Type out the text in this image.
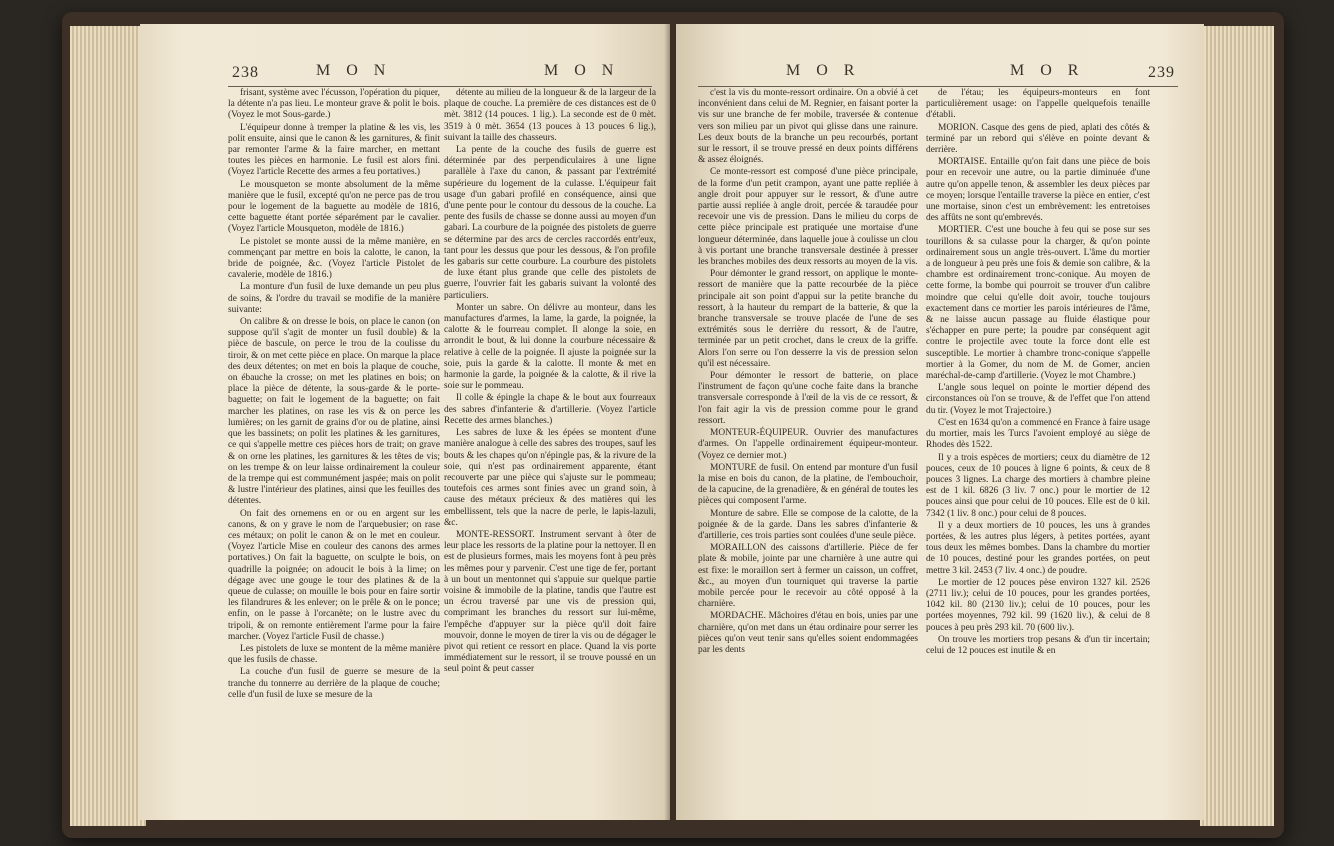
238	M O N	M O N

frisant, système avec l'écusson, l'opération du piquer, la détente n'a pas lieu. Le monteur grave & polit le bois. (Voyez le mot Sous-garde.)

L'équipeur donne à tremper la platine & les vis, les polit ensuite, ainsi que le canon & les garnitures, & finit par remonter l'arme & la faire marcher, en mettant toutes les pièces en harmonie. Le fusil est alors fini. (Voyez l'article Recette des armes a feu portatives.)

Le mousqueton se monte absolument de la même manière que le fusil, excepté qu'on ne perce pas de trou pour le logement de la baguette au modèle de 1816, cette baguette étant portée séparément par le cavalier. (Voyez l'article Mousqueton, modèle de 1816.)

Le pistolet se monte aussi de la même manière, en commençant par mettre en bois la calotte, le canon, la bride de poignée, &c. (Voyez l'article Pistolet de cavalerie, modèle de 1816.)

La monture d'un fusil de luxe demande un peu plus de soins, & l'ordre du travail se modifie de la manière suivante:

On calibre & on dresse le bois, on place le canon (on suppose qu'il s'agit de monter un fusil double) & la pièce de bascule, on perce le trou de la coulisse du tiroir, & on met cette pièce en place. On marque la place des deux détentes; on met en bois la plaque de couche, on ébauche la crosse; on met les platines en bois; on place la pièce de détente, la sous-garde & le porte-baguette; on fait le logement de la baguette; on fait marcher les platines, on rase les vis & on perce les lumières; on les garnit de grains d'or ou de platine, ainsi que les bassinets; on polit les platines & les garnitures, ce qui s'appelle mettre ces pièces hors de trait; on grave & on orne les platines, les garnitures & les têtes de vis; on les trempe & on leur laisse ordinairement la couleur de la trempe qui est communément jaspée; mais on polit & lustre l'intérieur des platines, ainsi que les feuilles des détentes.

On fait des ornemens en or ou en argent sur les canons, & on y grave le nom de l'arquebusier; on rase ces métaux; on polit le canon & on le met en couleur. (Voyez l'article Mise en couleur des canons des armes portatives.) On fait la baguette, on sculpte le bois, on quadrille la poignée; on adoucit le bois à la lime; on dégage avec une gouge le tour des platines & de la queue de culasse; on mouille le bois pour en faire sortir les filandrures & les enlever; on le prêle & on le ponce; enfin, on le passe à l'orcanète; on le lustre avec du tripoli, & on remonte entièrement l'arme pour la faire marcher. (Voyez l'article Fusil de chasse.)

Les pistolets de luxe se montent de la même manière que les fusils de chasse.

La couche d'un fusil de guerre se mesure de la tranche du tonnerre au derrière de la plaque de couche; celle d'un fusil de luxe se mesure de la

détente au milieu de la longueur & de la largeur de la plaque de couche. La première de ces distances est de 0 mèt. 3812 (14 pouces. 1 lig.). La seconde est de 0 mèt. 3519 à 0 mèt. 3654 (13 pouces à 13 pouces 6 lig.), suivant la taille des chasseurs.

La pente de la couche des fusils de guerre est déterminée par des perpendiculaires à une ligne parallèle à l'axe du canon, & passant par l'extrémité supérieure du logement de la culasse. L'équipeur fait usage d'un gabari profilé en conséquence, ainsi que d'une pente pour le contour du dessous de la couche. La pente des fusils de chasse se donne aussi au moyen d'un gabari. La courbure de la poignée des pistolets de guerre se détermine par des arcs de cercles raccordés entr'eux, tant pour les dessus que pour les dessous, & l'on profile les gabaris sur cette courbure. La courbure des pistolets de luxe étant plus grande que celle des pistolets de guerre, l'ouvrier fait les gabaris suivant la volonté des particuliers.

Monter un sabre. On délivre au monteur, dans les manufactures d'armes, la lame, la garde, la poignée, la calotte & le fourreau complet. Il alonge la soie, en arrondit le bout, & lui donne la courbure nécessaire & relative à celle de la poignée. Il ajuste la poignée sur la soie, puis la garde & la calotte. Il monte & met en harmonie la garde, la poignée & la calotte, & il rive la soie sur le pommeau.

Il colle & épingle la chape & le bout aux fourreaux des sabres d'infanterie & d'artillerie. (Voyez l'article Recette des armes blanches.)

Les sabres de luxe & les épées se montent d'une manière analogue à celle des sabres des troupes, sauf les bouts & les chapes qu'on n'épingle pas, & la rivure de la soie, qui n'est pas ordinairement apparente, étant recouverte par une pièce qui s'ajuste sur le pommeau; toutefois ces armes sont finies avec un grand soin, à cause des métaux précieux & des matières qui les embellissent, tels que la nacre de perle, le lapis-lazuli, &c.

MONTE-RESSORT. Instrument servant à ôter de leur place les ressorts de la platine pour la nettoyer. Il en est de plusieurs formes, mais les moyens font à peu près les mêmes pour y parvenir. C'est une tige de fer, portant à un bout un mentonnet qui s'appuie sur quelque partie voisine & immobile de la platine, tandis que l'autre est un écrou traversé par une vis de pression qui, comprimant les branches du ressort sur lui-même, l'empêche d'appuyer sur la pièce qu'il doit faire mouvoir, donne le moyen de tirer la vis ou de dégager le pivot qui retient ce ressort en place. Quand la vis porte immédiatement sur le ressort, il se trouve poussé en un seul point & peut casser

M O R	M O R	239

c'est la vis du monte-ressort ordinaire. On a obvié à cet inconvénient dans celui de M. Regnier, en faisant porter la vis sur une branche de fer mobile, traversée & contenue vers son milieu par un pivot qui glisse dans une rainure. Les deux bouts de la branche un peu recourbés, portant sur le ressort, il se trouve pressé en deux points différens & assez éloignés.

Ce monte-ressort est composé d'une pièce principale, de la forme d'un petit crampon, ayant une patte repliée à angle droit pour appuyer sur le ressort, & d'une autre partie aussi repliée à angle droit, percée & taraudée pour recevoir une vis de pression. Dans le milieu du corps de cette pièce principale est pratiquée une mortaise d'une longueur déterminée, dans laquelle joue à coulisse un clou à vis portant une branche transversale destinée à presser les branches mobiles des deux ressorts au moyen de la vis.

Pour démonter le grand ressort, on applique le monte-ressort de manière que la patte recourbée de la pièce principale ait son point d'appui sur la petite branche du ressort, à la hauteur du rempart de la batterie, & que la branche transversale se trouve placée de l'une de ses extrémités sous le derrière du ressort, & de l'autre, terminée par un petit crochet, dans le creux de la griffe. Alors l'on serre ou l'on desserre la vis de pression selon qu'il est nécessaire.

Pour démonter le ressort de batterie, on place l'instrument de façon qu'une coche faite dans la branche transversale corresponde à l'œil de la vis de ce ressort, & l'on fait agir la vis de pression comme pour le grand ressort.

MONTEUR-ÉQUIPEUR. Ouvrier des manufactures d'armes. On l'appelle ordinairement équipeur-monteur. (Voyez ce dernier mot.)

MONTURE de fusil. On entend par monture d'un fusil la mise en bois du canon, de la platine, de l'embouchoir, de la capucine, de la grenadière, & en général de toutes les pièces qui composent l'arme.

Monture de sabre. Elle se compose de la calotte, de la poignée & de la garde. Dans les sabres d'infanterie & d'artillerie, ces trois parties sont coulées d'une seule pièce.

MORAILLON des caissons d'artillerie. Pièce de fer plate & mobile, jointe par une charnière à une autre qui est fixe: le moraillon sert à fermer un caisson, un coffret, &c., au moyen d'un tourniquet qui traverse la partie mobile percée pour le recevoir au côté opposé à la charnière.

MORDACHE. Mâchoires d'étau en bois, unies par une charnière, qu'on met dans un étau ordinaire pour serrer les pièces qu'on veut tenir sans qu'elles soient endommagées par les dents

de l'étau; les équipeurs-monteurs en font particulièrement usage: on l'appelle quelquefois tenaille d'établi.

MORION. Casque des gens de pied, aplati des côtés & terminé par un rebord qui s'élève en pointe devant & derrière.

MORTAISE. Entaille qu'on fait dans une pièce de bois pour en recevoir une autre, ou la partie diminuée d'une autre qu'on appelle tenon, & assembler les deux pièces par ce moyen; lorsque l'entaille traverse la pièce en entier, c'est une mortaise, sinon c'est un embrèvement: les entretoises des affûts ne sont qu'embrevés.

MORTIER. C'est une bouche à feu qui se pose sur ses tourillons & sa culasse pour la charger, & qu'on pointe ordinairement sous un angle très-ouvert. L'âme du mortier a de longueur à peu près une fois & demie son calibre, & la chambre est ordinairement tronc-conique. Au moyen de cette forme, la bombe qui pourroit se trouver d'un calibre moindre que celui qu'elle doit avoir, touche toujours exactement dans ce mortier les parois intérieures de l'âme, & ne laisse aucun passage au fluide élastique pour s'échapper en pure perte; la poudre par conséquent agit contre le projectile avec toute la force dont elle est susceptible. Le mortier à chambre tronc-conique s'appelle mortier à la Gomer, du nom de M. de Gomer, ancien maréchal-de-camp d'artillerie. (Voyez le mot Chambre.)

L'angle sous lequel on pointe le mortier dépend des circonstances où l'on se trouve, & de l'effet que l'on attend du tir. (Voyez le mot Trajectoire.)

C'est en 1634 qu'on a commencé en France à faire usage du mortier, mais les Turcs l'avoient employé au siège de Rhodes dès 1522.

Il y a trois espèces de mortiers; ceux du diamètre de 12 pouces, ceux de 10 pouces à ligne 6 points, & ceux de 8 pouces 3 lignes. La charge des mortiers à chambre pleine est de 1 kil. 6826 (3 liv. 7 onc.) pour le mortier de 12 pouces ainsi que pour celui de 10 pouces. Elle est de 0 kil. 7342 (1 liv. 8 onc.) pour celui de 8 pouces.

Il y a deux mortiers de 10 pouces, les uns à grandes portées, & les autres plus légers, à petites portées, ayant tous deux les mêmes bombes. Dans la chambre du mortier de 10 pouces, destiné pour les grandes portées, on peut mettre 3 kil. 2453 (7 liv. 4 onc.) de poudre.

Le mortier de 12 pouces pèse environ 1327 kil. 2526 (2711 liv.); celui de 10 pouces, pour les grandes portées, 1042 kil. 80 (2130 liv.); celui de 10 pouces, pour les portées moyennes, 792 kil. 99 (1620 liv.), & celui de 8 pouces à peu près 293 kil. 70 (600 liv.).

On trouve les mortiers trop pesans & d'un tir incertain; celui de 12 pouces est inutile & en
